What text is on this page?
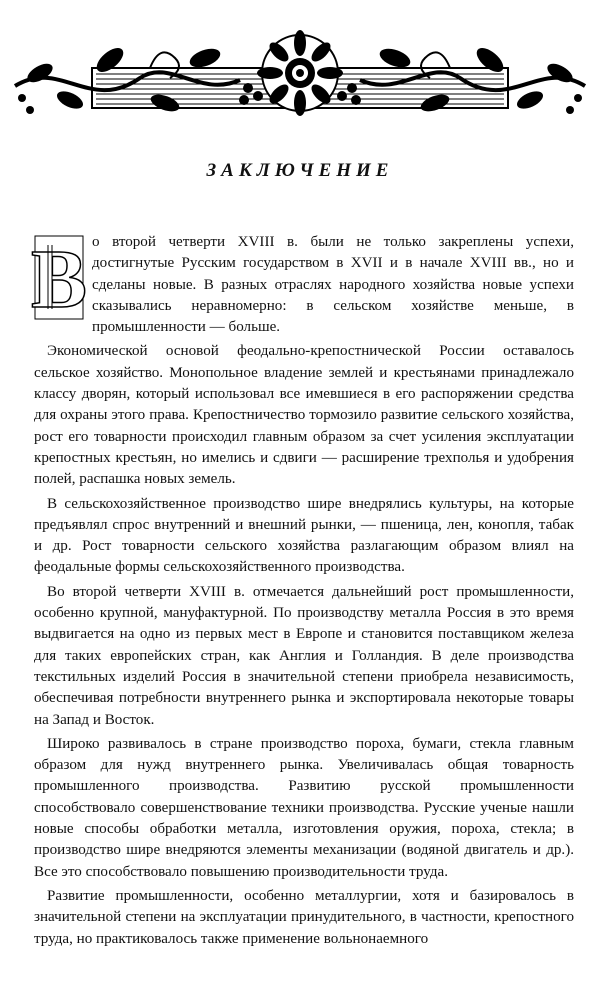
ЗАКЛЮЧЕНИЕ

В о второй четверти XVIII в. были не только закреплены успехи, достигнутые Русским государством в XVII и в начале XVIII вв., но и сделаны новые. В разных отраслях народного хозяйства новые успехи сказывались неравномерно: в сельском хозяйстве меньше, в промышленности — больше.

Экономической основой феодально-крепостнической России оставалось сельское хозяйство. Монопольное владение землей и крестьянами принадлежало классу дворян, который использовал все имевшиеся в его распоряжении средства для охраны этого права. Крепостничество тормозило развитие сельского хозяйства, рост его товарности происходил главным образом за счет усиления эксплуатации крепостных крестьян, но имелись и сдвиги — расширение трехполья и удобрения полей, распашка новых земель.

В сельскохозяйственное производство шире внедрялись культуры, на которые предъявлял спрос внутренний и внешний рынки, — пшеница, лен, конопля, табак и др. Рост товарности сельского хозяйства разлагающим образом влиял на феодальные формы сельскохозяйственного производства.

Во второй четверти XVIII в. отмечается дальнейший рост промышленности, особенно крупной, мануфактурной. По производству металла Россия в это время выдвигается на одно из первых мест в Европе и становится поставщиком железа для таких европейских стран, как Англия и Голландия. В деле производства текстильных изделий Россия в значительной степени приобрела независимость, обеспечивая потребности внутреннего рынка и экспортировала некоторые товары на Запад и Восток.

Широко развивалось в стране производство пороха, бумаги, стекла главным образом для нужд внутреннего рынка. Увеличивалась общая товарность промышленного производства. Развитию русской промышленности способствовало совершенствование техники производства. Русские ученые нашли новые способы обработки металла, изготовления оружия, пороха, стекла; в производство шире внедряются элементы механизации (водяной двигатель и др.). Все это способствовало повышению производительности труда.

Развитие промышленности, особенно металлургии, хотя и базировалось в значительной степени на эксплуатации принудительного, в частности, крепостного труда, но практиковалось также применение вольнонаемного
